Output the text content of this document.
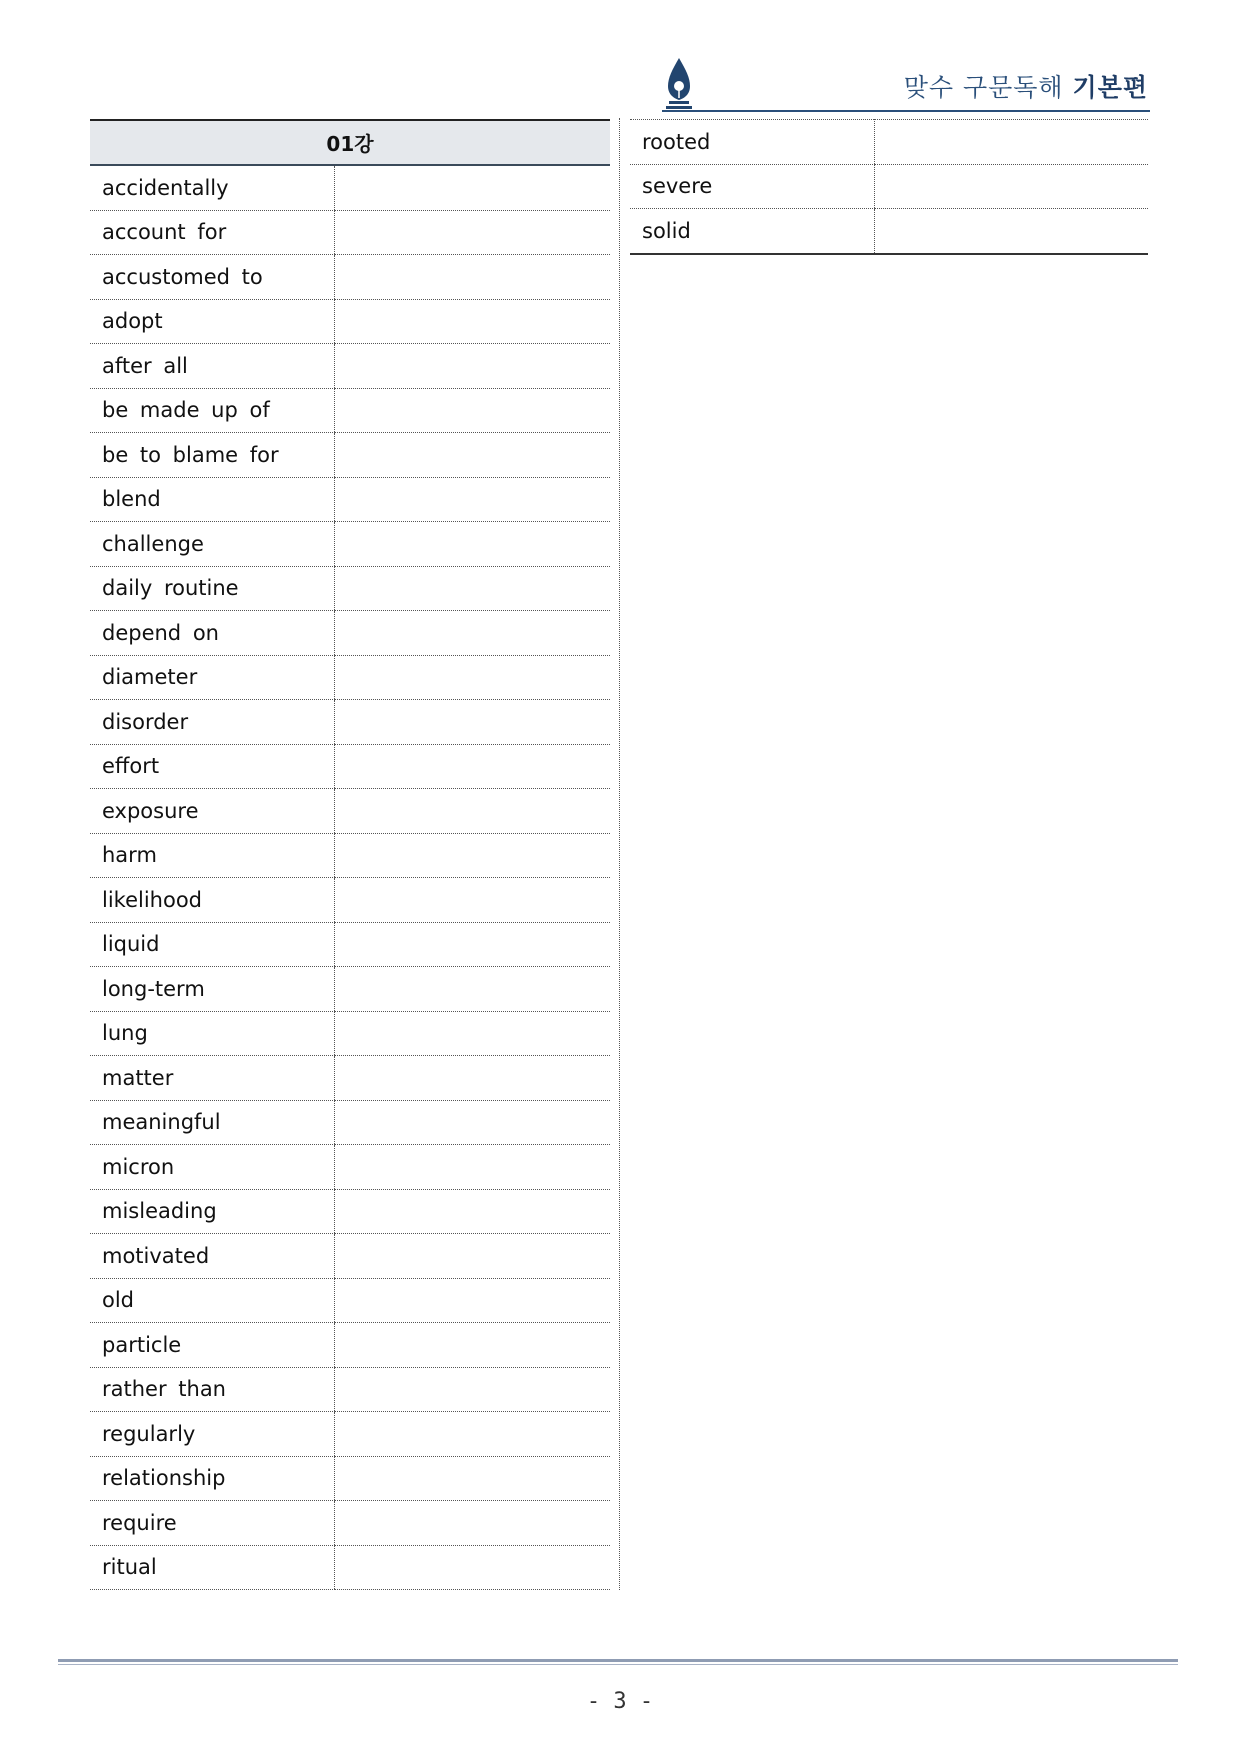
맞수 구문독해 기본편
01강	
accidentally	
account for	
accustomed to	
adopt	
after all	
be made up of	
be to blame for	
blend	
challenge	
daily routine	
depend on	
diameter	
disorder	
effort	
exposure	
harm	
likelihood	
liquid	
long-term	
lung	
matter	
meaningful	
micron	
misleading	
motivated	
old	
particle	
rather than	
regularly	
relationship	
require	
ritual	
rooted	
severe	
solid	
- 3 -
